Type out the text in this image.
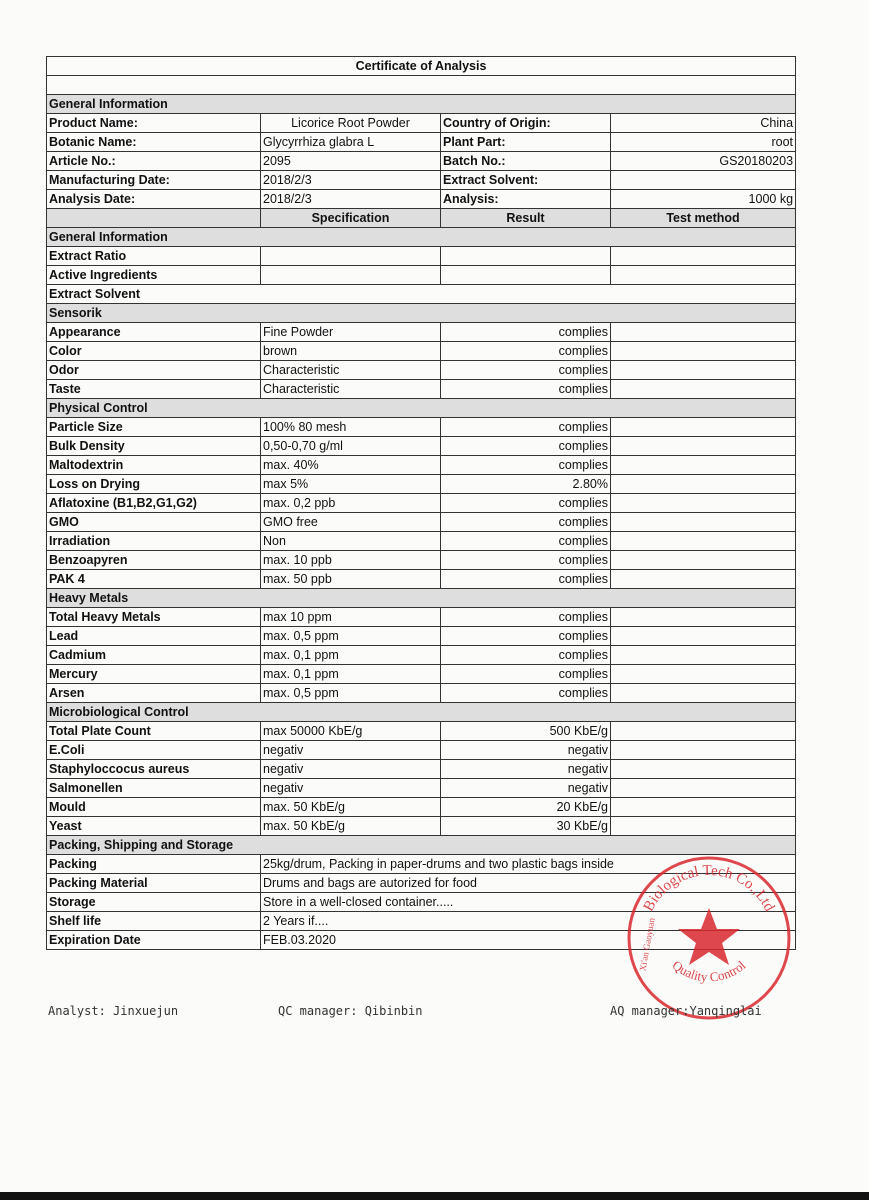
Certificate of Analysis			

General Information			
Product Name:	Licorice Root Powder	Country of Origin:	China
Botanic Name:	Glycyrrhiza glabra L	Plant Part:	root
Article No.:	2095	Batch No.:	GS20180203
Manufacturing Date:	2018/2/3	Extract Solvent:	
Analysis Date:	2018/2/3	Analysis:	1000 kg
	Specification	Result	Test method
General Information			
Extract Ratio			
Active Ingredients			
Extract Solvent			
Sensorik			
Appearance	Fine Powder	complies	
Color	brown	complies	
Odor	Characteristic	complies	
Taste	Characteristic	complies	
Physical Control			
Particle Size	100% 80 mesh	complies	
Bulk Density	0,50-0,70 g/ml	complies	
Maltodextrin	max. 40%	complies	
Loss on Drying	max 5%	2.80%	
Aflatoxine (B1,B2,G1,G2)	max. 0,2 ppb	complies	
GMO	GMO free	complies	
Irradiation	Non	complies	
Benzoapyren	max. 10 ppb	complies	
PAK 4	max. 50 ppb	complies	
Heavy Metals			
Total Heavy Metals	max 10 ppm	complies	
Lead	max. 0,5 ppm	complies	
Cadmium	max. 0,1 ppm	complies	
Mercury	max. 0,1 ppm	complies	
Arsen	max. 0,5 ppm	complies	
Microbiological Control			
Total Plate Count	max 50000 KbE/g	500 KbE/g	
E.Coli	negativ	negativ	
Staphyloccocus aureus	negativ	negativ	
Salmonellen	negativ	negativ	
Mould	max. 50 KbE/g	20 KbE/g	
Yeast	max. 50 KbE/g	30 KbE/g	
Packing, Shipping and Storage			
Packing	25kg/drum, Packing in paper-drums and two plastic bags inside		
Packing Material	Drums and bags are autorized for food		
Storage	Store in a well-closed container.....		
Shelf life	2 Years if....		
Expiration Date	FEB.03.2020		
Biological Tech Co.,Ltd
Quality Control
Xi'an Gaoyuan
Analyst: Jinxuejun	QC manager: Qibinbin	AQ manager:Yanqinglai
